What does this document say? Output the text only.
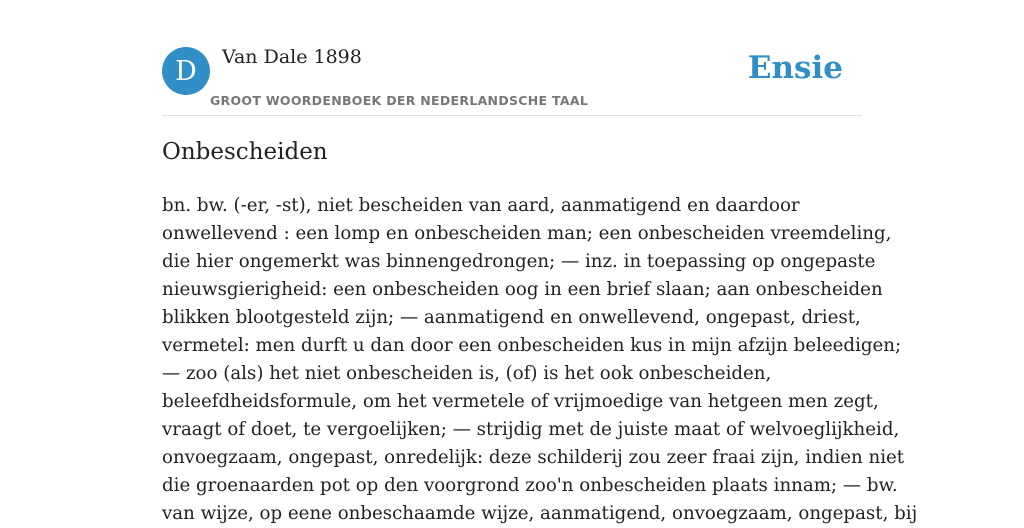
D Van Dale 1898
GROOT WOORDENBOEK DER NEDERLANDSCHE TAAL
Ensie
Onbescheiden

bn. bw. (-er, -st), niet bescheiden van aard, aanmatigend en daardoor
onwellevend : een lomp en onbescheiden man; een onbescheiden vreemdeling,
die hier ongemerkt was binnengedrongen; — inz. in toepassing op ongepaste
nieuwsgierigheid: een onbescheiden oog in een brief slaan; aan onbescheiden
blikken blootgesteld zijn; — aanmatigend en onwellevend, ongepast, driest,
vermetel: men durft u dan door een onbescheiden kus in mijn afzijn beleedigen;
— zoo (als) het niet onbescheiden is, (of) is het ook onbescheiden,
beleefdheidsformule, om het vermetele of vrijmoedige van hetgeen men zegt,
vraagt of doet, te vergoelijken; — strijdig met de juiste maat of welvoeglijkheid,
onvoegzaam, ongepast, onredelijk: deze schilderij zou zeer fraai zijn, indien niet
die groenaarden pot op den voorgrond zoo'n onbescheiden plaats innam; — bw.
van wijze, op eene onbeschaamde wijze, aanmatigend, onvoegzaam, ongepast, bij
